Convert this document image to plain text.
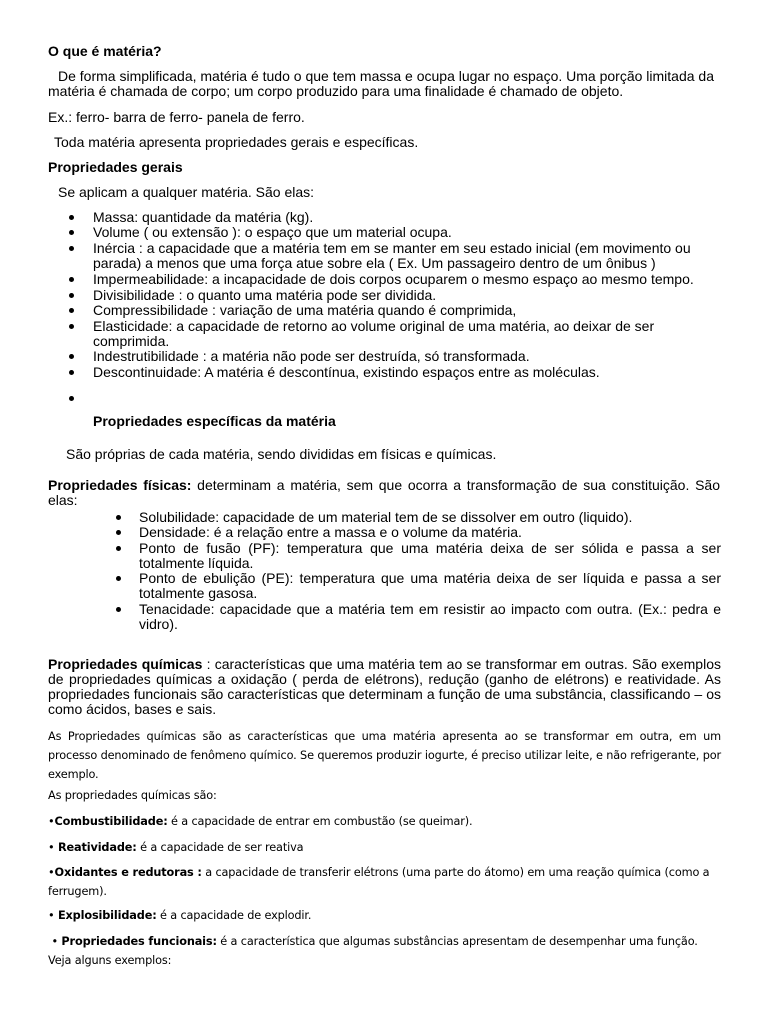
O que é matéria?

De forma simplificada, matéria é tudo o que tem massa e ocupa lugar no espaço. Uma porção limitada da matéria é chamada de corpo; um corpo produzido para uma finalidade é chamado de objeto.

Ex.: ferro- barra de ferro- panela de ferro.

Toda matéria apresenta propriedades gerais e específicas.

Propriedades gerais

Se aplicam a qualquer matéria. São elas:

Massa: quantidade da matéria (kg).
Volume ( ou extensão ): o espaço que um material ocupa.
Inércia : a capacidade que a matéria tem em se manter em seu estado inicial (em movimento ou parada) a menos que uma força atue sobre ela ( Ex. Um passageiro dentro de um ônibus )
Impermeabilidade: a incapacidade de dois corpos ocuparem o mesmo espaço ao mesmo tempo.
Divisibilidade : o quanto uma matéria pode ser dividida.
Compressibilidade : variação de uma matéria quando é comprimida,
Elasticidade: a capacidade de retorno ao volume original de uma matéria, ao deixar de ser comprimida.
Indestrutibilidade : a matéria não pode ser destruída, só transformada.
Descontinuidade: A matéria é descontínua, existindo espaços entre as moléculas.
Propriedades específicas da matéria

São próprias de cada matéria, sendo divididas em físicas e químicas.

Propriedades físicas: determinam a matéria, sem que ocorra a transformação de sua constituição. São elas:

Solubilidade: capacidade de um material tem de se dissolver em outro (liquido).
Densidade: é a relação entre a massa e o volume da matéria.
Ponto de fusão (PF): temperatura que uma matéria deixa de ser sólida e passa a ser totalmente líquida.
Ponto de ebulição (PE): temperatura que uma matéria deixa de ser líquida e passa a ser totalmente gasosa.
Tenacidade: capacidade que a matéria tem em resistir ao impacto com outra. (Ex.: pedra e vidro).

Propriedades químicas : características que uma matéria tem ao se transformar em outras. São exemplos de propriedades químicas a oxidação ( perda de elétrons), redução (ganho de elétrons) e reatividade. As propriedades funcionais são características que determinam a função de uma substância, classificando – os como ácidos, bases e sais.

As Propriedades químicas são as características que uma matéria apresenta ao se transformar em outra, em um processo denominado de fenômeno químico. Se queremos produzir iogurte, é preciso utilizar leite, e não refrigerante, por exemplo.

As propriedades químicas são:

•Combustibilidade: é a capacidade de entrar em combustão (se queimar).

• Reatividade: é a capacidade de ser reativa

•Oxidantes e redutoras : a capacidade de transferir elétrons (uma parte do átomo) em uma reação química (como a ferrugem).

• Explosibilidade: é a capacidade de explodir.

• Propriedades funcionais: é a característica que algumas substâncias apresentam de desempenhar uma função. Veja alguns exemplos:
